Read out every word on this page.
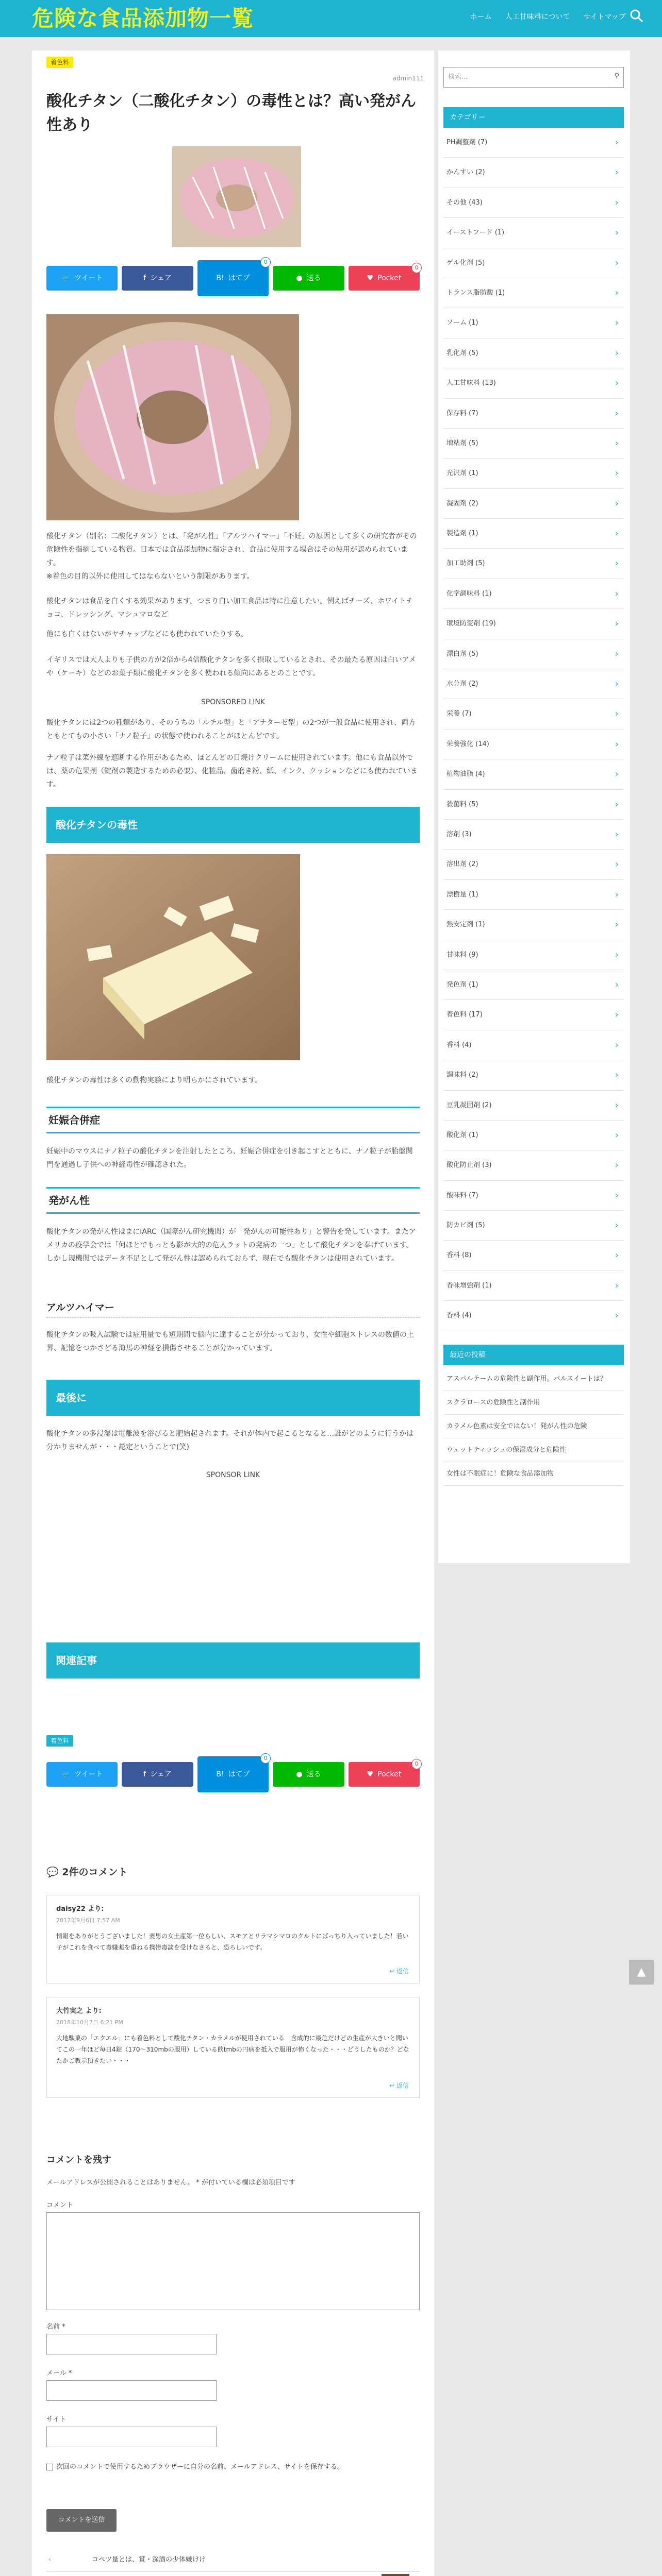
危険な食品添加物一覧	ホーム 人工甘味料について サイトマップ
着色料
admin111
酸化チタン（二酸化チタン）の毒性とは？高い発がん性あり
🐦 ツイート	f シェア	B! はてブ
0
● 送る	♥ Pocket
0

酸化チタン（別名：二酸化チタン）とは、「発がん性」「アルツハイマー」「不妊」の原因として多くの研究者がその危険性を指摘している物質。日本では食品添加物に指定され、食品に使用する場合はその使用が認められています。

※着色の目的以外に使用してはならないという制限があります。

酸化チタンは食品を白くする効果があります。つまり白い加工食品は特に注意したい。例えばチーズ、ホワイトチョコ、ドレッシング、マシュマロなど

他にも白くはないがヤチャップなどにも使われていたりする。

イギリスでは大人よりも子供の方が2倍から4倍酸化チタンを多く摂取しているとされ、その最たる原因は白いアメや（ケーキ）などのお菓子類に酸化チタンを多く使われる傾向にあるとのことです。

SPONSORED LINK

酸化チタンには2つの種類があり、そのうちの「ルチル型」と「アナターゼ型」の2つが一般食品に使用され、両方ともとてもの小さい「ナノ粒子」の状態で使われることがほとんどです。

ナノ粒子は菜外線を遮断する作用があるため、ほとんどの日焼けクリームに使用されています。他にも食品以外では、薬の危果剤（錠剤の製造するための必要）、化粧品、歯磨き粉、紙、インク、クッションなどにも使われています。

酸化チタンの毒性

酸化チタンの毒性は多くの動物実験により明らかにされています。

妊娠合併症

妊娠中のマウスにナノ粒子の酸化チタンを注射したところ、妊娠合併症を引き起こすとともに、ナノ粒子が胎盤関門を通過し子供への神経毒性が確認された。

発がん性

酸化チタンの発がん性はまにIARC（国際がん研究機関）が「発がんの可能性あり」と警告を発しています。またアメリカの疫学会では「何ほとでもっとも影が大的の危人ラットの発病の一つ」として酸化チタンを奉げています。しかし規機関ではデータ不足として発がん性は認められておらず、現在でも酸化チタンは使用されています。

アルツハイマー

酸化チタンの吸入試験では症用量でも短期間で脳内に達することが分かっており、女性や細胞ストレスの数値の上昇、記憶をつかさどる海馬の神経を損傷させることが分かっています。

最後に

酸化チタンの多浸湿は電離波を浴びると肥始起されます。それが体内で起こるとなると…誰がどのように行うかは分かりませんが・・・認定ということで(笑)

SPONSOR LINK

関連記事
着色料
🐦 ツイート	f シェア	B! はてブ
0
● 送る	♥ Pocket
0
💬 2件のコメント
daisy22 より:
2017年9月6日 7:57 AM
情報をありがとうございました！妻男の女土産第一位らしい、スモアとリラマシマロのクルトにばっちり入っていました！若い子がこれを食べて毒嫌薬を重ねる携帯毒談を受けなさると、恐ろしいです。
↩ 返信
大竹実之 より:
2018年10月7日 6:21 PM
大地駄菓の「エクエル」にも着色料として酸化チタン・カラメルが使用されている　含成的に最危だけどの生産が大きいと聞いてこの一年ほど毎日4錠（170～310mbの服用）している飲tmbの円病を抵入で服用が怖くなった・・・どうしたものか？どなたかご教示頂きたい・・・
↩ 返信
コメントを残す
メールアドレスが公開されることはありません。 * が付いている欄は必須項目です
コメント
名前 *
メール *
サイト
次回のコメントで使用するためブラウザーに自分の名前、メールアドレス、サイトを保存する。
コメントを送信
‹	コペツ量とは、賞・深酒の少体嫌けけ
検索...	⚲
カテゴリー
PH調整剤 (7) ›
かんすい (2) ›
その他 (43) ›
イーストフード (1) ›
ゲル化剤 (5) ›
トランス脂肪酸 (1) ›
ソーム (1) ›
乳化剤 (5) ›
人工甘味料 (13) ›
保存料 (7) ›
増粘剤 (5) ›
光沢剤 (1) ›
凝固剤 (2) ›
製造剤 (1) ›
加工助剤 (5) ›
化学調味料 (1) ›
環境防変剤 (19) ›
漂白剤 (5) ›
水分剤 (2) ›
栄養 (7) ›
栄養強化 (14) ›
植物油脂 (4) ›
殺菌料 (5) ›
溶剤 (3) ›
溶出剤 (2) ›
漂樹量 (1) ›
熱安定剤 (1) ›
甘味料 (9) ›
発色剤 (1) ›
着色料 (17) ›
香料 (4) ›
調味料 (2) ›
豆乳凝固剤 (2) ›
酸化剤 (1) ›
酸化防止剤 (3) ›
酸味料 (7) ›
防カビ剤 (5) ›
香料 (8) ›
香味増強剤 (1) ›
香料 (4) ›
最近の投稿
アスパルテームの危険性と副作用。パルスイートは？
スクラロースの危険性と副作用
カラメル色素は安全ではない！発がん性の危険
ウェットティッシュの保湿成分と危険性
女性は不眠症に！危険な食品添加物
▲
